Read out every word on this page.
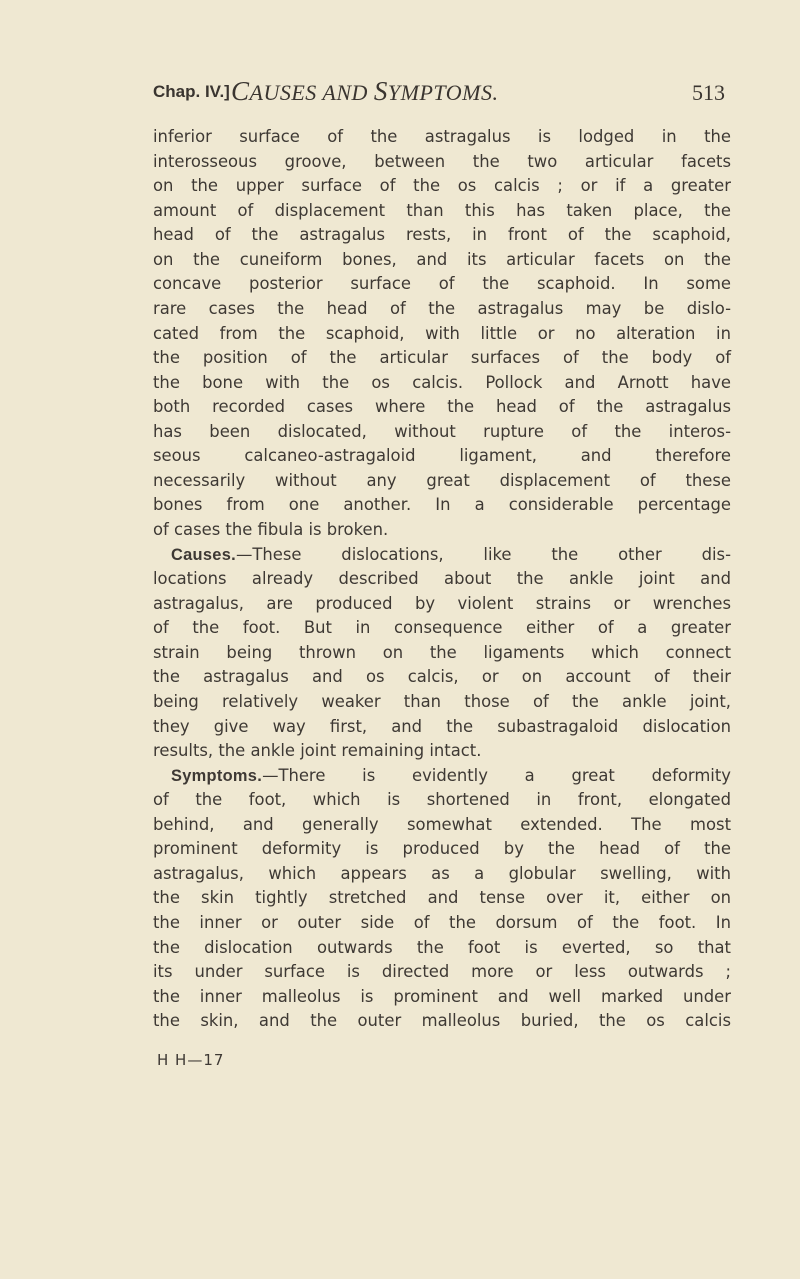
Chap. IV.] CAUSES AND SYMPTOMS.	513
inferior surface of the astragalus is lodged in the
interosseous groove, between the two articular facets
on the upper surface of the os calcis ; or if a greater
amount of displacement than this has taken place, the
head of the astragalus rests, in front of the scaphoid,
on the cuneiform bones, and its articular facets on the
concave posterior surface of the scaphoid. In some
rare cases the head of the astragalus may be dislo-
cated from the scaphoid, with little or no alteration in
the position of the articular surfaces of the body of
the bone with the os calcis. Pollock and Arnott have
both recorded cases where the head of the astragalus
has been dislocated, without rupture of the interos-
seous calcaneo-astragaloid ligament, and therefore
necessarily without any great displacement of these
bones from one another. In a considerable percentage
of cases the fibula is broken.
Causes.—These dislocations, like the other dis-
locations already described about the ankle joint and
astragalus, are produced by violent strains or wrenches
of the foot. But in consequence either of a greater
strain being thrown on the ligaments which connect
the astragalus and os calcis, or on account of their
being relatively weaker than those of the ankle joint,
they give way first, and the subastragaloid dislocation
results, the ankle joint remaining intact.
Symptoms.—There is evidently a great deformity
of the foot, which is shortened in front, elongated
behind, and generally somewhat extended. The most
prominent deformity is produced by the head of the
astragalus, which appears as a globular swelling, with
the skin tightly stretched and tense over it, either on
the inner or outer side of the dorsum of the foot. In
the dislocation outwards the foot is everted, so that
its under surface is directed more or less outwards ;
the inner malleolus is prominent and well marked under
the skin, and the outer malleolus buried, the os calcis
H H—17
